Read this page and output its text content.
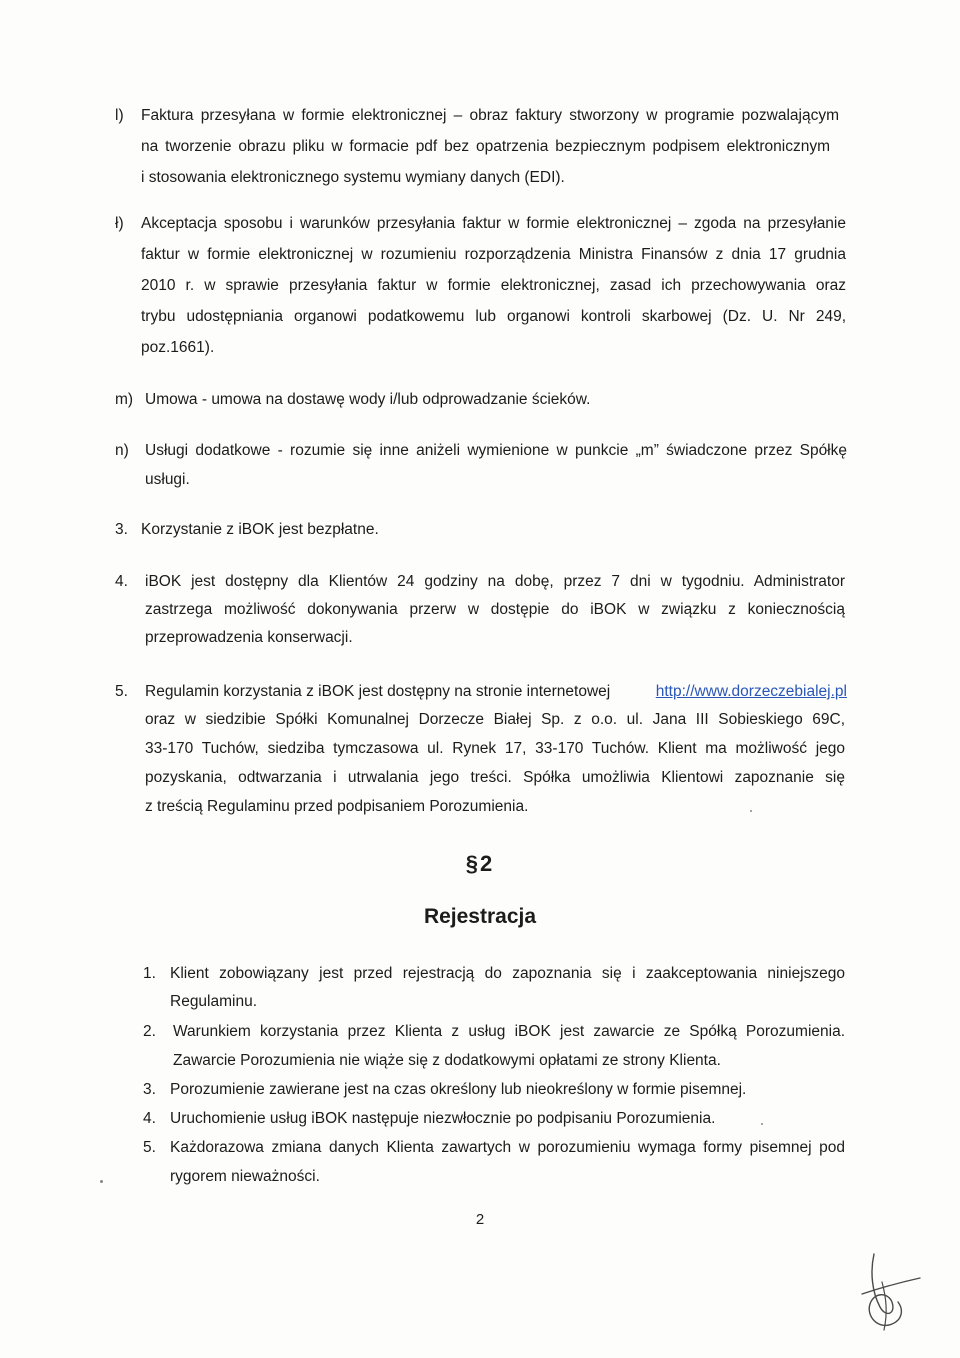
l) Faktura przesyłana w formie elektronicznej – obraz faktury stworzony w programie pozwalającym
na tworzenie obrazu pliku w formacie pdf bez opatrzenia bezpiecznym podpisem elektronicznym
i stosowania elektronicznego systemu wymiany danych (EDI).
ł) Akceptacja sposobu i warunków przesyłania faktur w formie elektronicznej – zgoda na przesyłanie
faktur w formie elektronicznej w rozumieniu rozporządzenia Ministra Finansów z dnia 17 grudnia
2010 r. w sprawie przesyłania faktur w formie elektronicznej, zasad ich przechowywania oraz
trybu udostępniania organowi podatkowemu lub organowi kontroli skarbowej (Dz. U. Nr 249,
poz.1661).
m) Umowa - umowa na dostawę wody i/lub odprowadzanie ścieków.
n) Usługi dodatkowe - rozumie się inne aniżeli wymienione w punkcie „m” świadczone przez Spółkę
usługi.
3. Korzystanie z iBOK jest bezpłatne.
4. iBOK jest dostępny dla Klientów 24 godziny na dobę, przez 7 dni w tygodniu. Administrator
zastrzega możliwość dokonywania przerw w dostępie do iBOK w związku z koniecznością
przeprowadzenia konserwacji.
5. Regulamin korzystania z iBOK jest dostępny na stronie internetowej	http://www.dorzeczebialej.pl
oraz w siedzibie Spółki Komunalnej Dorzecze Białej Sp. z o.o. ul. Jana III Sobieskiego 69C,
33-170 Tuchów, siedziba tymczasowa ul. Rynek 17, 33-170 Tuchów. Klient ma możliwość jego
pozyskania, odtwarzania i utrwalania jego treści. Spółka umożliwia Klientowi zapoznanie się
z treścią Regulaminu przed podpisaniem Porozumienia.
§2
Rejestracja
1. Klient zobowiązany jest przed rejestracją do zapoznania się i zaakceptowania niniejszego
Regulaminu.
2. Warunkiem korzystania przez Klienta z usług iBOK jest zawarcie ze Spółką Porozumienia.
Zawarcie Porozumienia nie wiąże się z dodatkowymi opłatami ze strony Klienta.
3. Porozumienie zawierane jest na czas określony lub nieokreślony w formie pisemnej.
4. Uruchomienie usług iBOK następuje niezwłocznie po podpisaniu Porozumienia.
5. Każdorazowa zmiana danych Klienta zawartych w porozumieniu wymaga formy pisemnej pod
rygorem nieważności.
2
